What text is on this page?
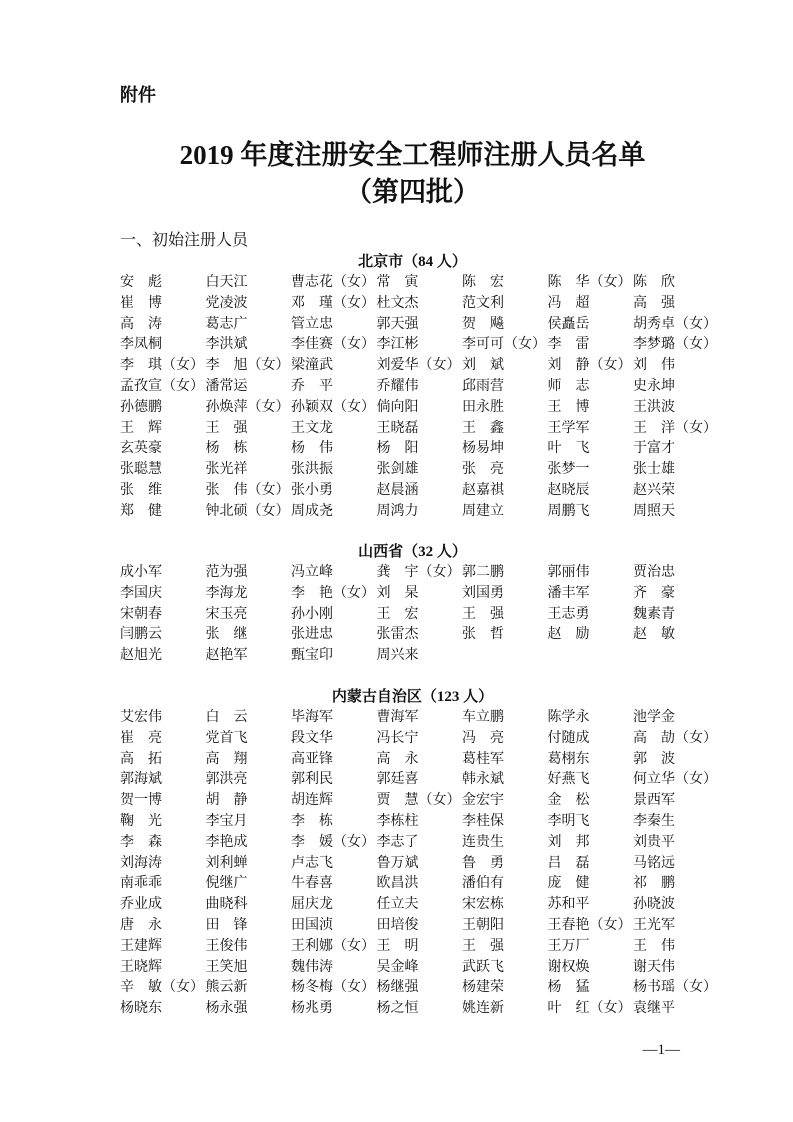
附件
2019 年度注册安全工程师注册人员名单
（第四批）
一、初始注册人员
北京市（84 人）
安　彪	白天江	曹志花（女） 常　寅	陈　宏	陈　华（女） 陈　欣
崔　博	党凌波	邓　瑾（女） 杜文杰	范文利	冯　超	高　强
高　涛	葛志广	管立忠	郭天强	贺　飚	侯矗岳	胡秀卓（女）
李凤桐	李洪斌	李佳赛（女） 李江彬	李可可（女） 李　雷	李梦璐（女）
李　琪（女） 李　旭（女） 梁潼武	刘爱华（女） 刘　斌	刘　静（女） 刘　伟
孟孜宣（女） 潘常运	乔　平	乔耀伟	邱雨营	师　志	史永坤
孙德鹏	孙焕萍（女） 孙颖双（女） 倘向阳	田永胜	王　博	王洪波
王　辉	王　强	王文龙	王晓磊	王　鑫	王学军	王　洋（女）
玄英豪	杨　栋	杨　伟	杨　阳	杨易坤	叶　飞	于富才
张聪慧	张光祥	张洪振	张剑雄	张　亮	张梦一	张士雄
张　维	张　伟（女） 张小勇	赵晨涵	赵嘉祺	赵晓辰	赵兴荣
郑　健	钟北硕（女） 周成尧	周鸿力	周建立	周鹏飞	周照天
山西省（32 人）
成小军	范为强	冯立峰	龚　宇（女） 郭二鹏	郭丽伟	贾治忠
李国庆	李海龙	李　艳（女） 刘　杲	刘国勇	潘丰军	齐　豪
宋朝春	宋玉亮	孙小刚	王　宏	王　强	王志勇	魏素青
闫鹏云	张　继	张进忠	张雷杰	张　哲	赵　励	赵　敏
赵旭光	赵艳军	甄宝印	周兴来
内蒙古自治区（123 人）
艾宏伟	白　云	毕海军	曹海军	车立鹏	陈学永	池学金
崔　亮	党首飞	段文华	冯长宁	冯　亮	付随成	高　劼（女）
高　拓	高　翔	高亚锋	高　永	葛桂军	葛栩东	郭　波
郭海斌	郭洪亮	郭利民	郭廷喜	韩永斌	好燕飞	何立华（女）
贺一博	胡　静	胡连辉	贾　慧（女） 金宏宇	金　松	景西军
鞠　光	李宝月	李　栋	李栋柱	李桂保	李明飞	李秦生
李　森	李艳成	李　媛（女） 李志了	连贵生	刘　邦	刘贵平
刘海涛	刘利蝉	卢志飞	鲁万斌	鲁　勇	吕　磊	马铭远
南乖乖	倪继广	牛春喜	欧昌洪	潘伯有	庞　健	祁　鹏
乔业成	曲晓科	屈庆龙	任立夫	宋宏栋	苏和平	孙晓波
唐　永	田　锋	田国浈	田培俊	王朝阳	王春艳（女） 王光军
王建辉	王俊伟	王利娜（女） 王　明	王　强	王万厂	王　伟
王晓辉	王笑旭	魏伟涛	吴金峰	武跃飞	谢权焕	谢天伟
辛　敏（女） 熊云新	杨冬梅（女） 杨继强	杨建荣	杨　猛	杨书瑶（女）
杨晓东	杨永强	杨兆勇	杨之恒	姚连新	叶　红（女） 袁继平
—1—
